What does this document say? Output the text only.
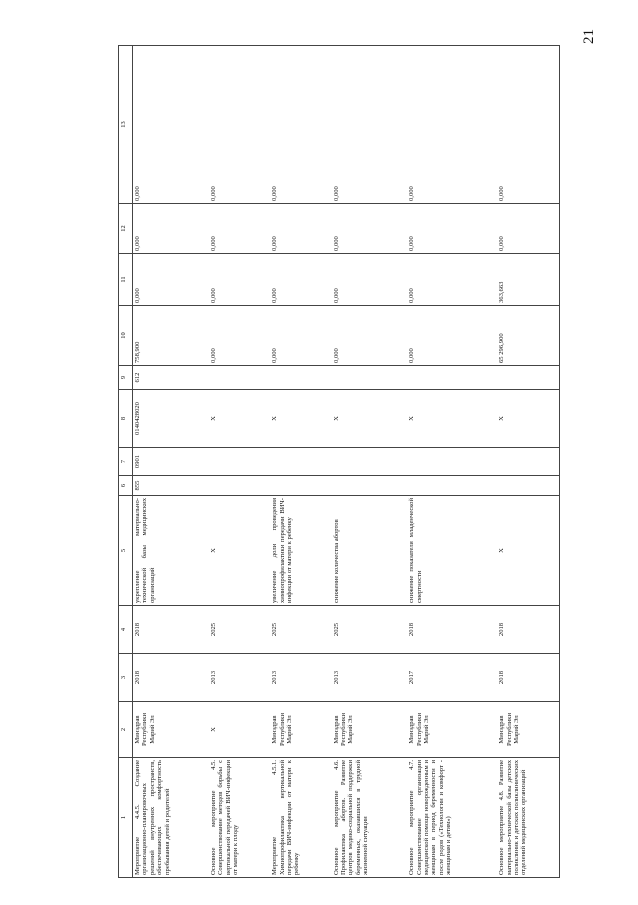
21
1	2	3	4	5	6	7	8	9	10	11	12	13
Мероприятие 4.4.5. Создание организационно-планировочных решений внутренних пространств, обеспечивающих комфортность пребывания детей и родителей	Минздрав Республики Марий Эл	2018	2018	укрепление материально-технической базы медицинских организаций	855	0901	0140428020	612	758,900	0,000	0,000	0,000
Основное мероприятие 4.5. Совершенствование методов борьбы с вертикальной передачей ВИЧ-инфекции от матери к плоду	X	2013	2025	X			X		0,000	0,000	0,000	0,000
Мероприятие 4.5.1. Химиопрофилактика вертикальной передачи ВИЧ-инфекции от матери к ребенку	Минздрав Республики Марий Эл	2013	2025	увеличение доли проведения химиопрофилактики передачи ВИЧ-инфекции от матери к ребенку			X		0,000	0,000	0,000	0,000
Основное мероприятие 4.6. Профилактика абортов. Развитие центров медико-социальной поддержки беременных, оказавшихся в трудной жизненной ситуации	Минздрав Республики Марий Эл	2013	2025	снижение количества абортов			X		0,000	0,000	0,000	0,000
Основное мероприятие 4.7. Совершенствование организации медицинской помощи новорожденным и женщинам в период беременности и после родов («Технологии и комфорт - женщинам и детям»)	Минздрав Республики Марий Эл	2017	2018	снижение показателя младенческой смертности			X		0,000	0,000	0,000	0,000
Основное мероприятие 4.8. Развитие материально-технической базы детских поликлиник и детских поликлинических отделений медицинских организаций	Минздрав Республики Марий Эл	2018	2018	X			X		65 296,900	363,663	0,000	0,000
